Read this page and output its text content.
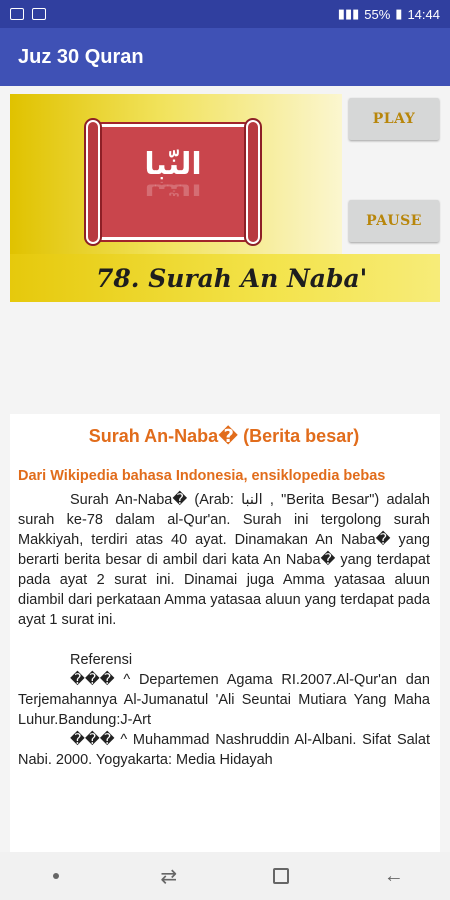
▮▮▮ 55% ▮ 14:44
Juz 30 Quran
78. Surah An Naba'
النّبا
النّبا
PLAY
PAUSE
Surah An-Naba� (Berita besar)
Dari Wikipedia bahasa Indonesia, ensiklopedia bebas

Surah An-Naba� (Arab: النبا , "Berita Besar") adalah surah ke-78 dalam al-Qur'an. Surah ini tergolong surah Makkiyah, terdiri atas 40 ayat. Dinamakan An Naba� yang berarti berita besar di ambil dari kata An Naba� yang terdapat pada ayat 2 surat ini. Dinamai juga Amma yatasaa aluun diambil dari perkataan Amma yatasaa aluun yang terdapat pada ayat 1 surat ini.

Referensi

��� ^ Departemen Agama RI.2007.Al-Qur'an dan Terjemahannya Al-Jumanatul 'Ali Seuntai Mutiara Yang Maha Luhur.Bandung:J-Art

��� ^ Muhammad Nashruddin Al-Albani. Sifat Salat Nabi. 2000. Yogyakarta: Media Hidayah

⇄	←
